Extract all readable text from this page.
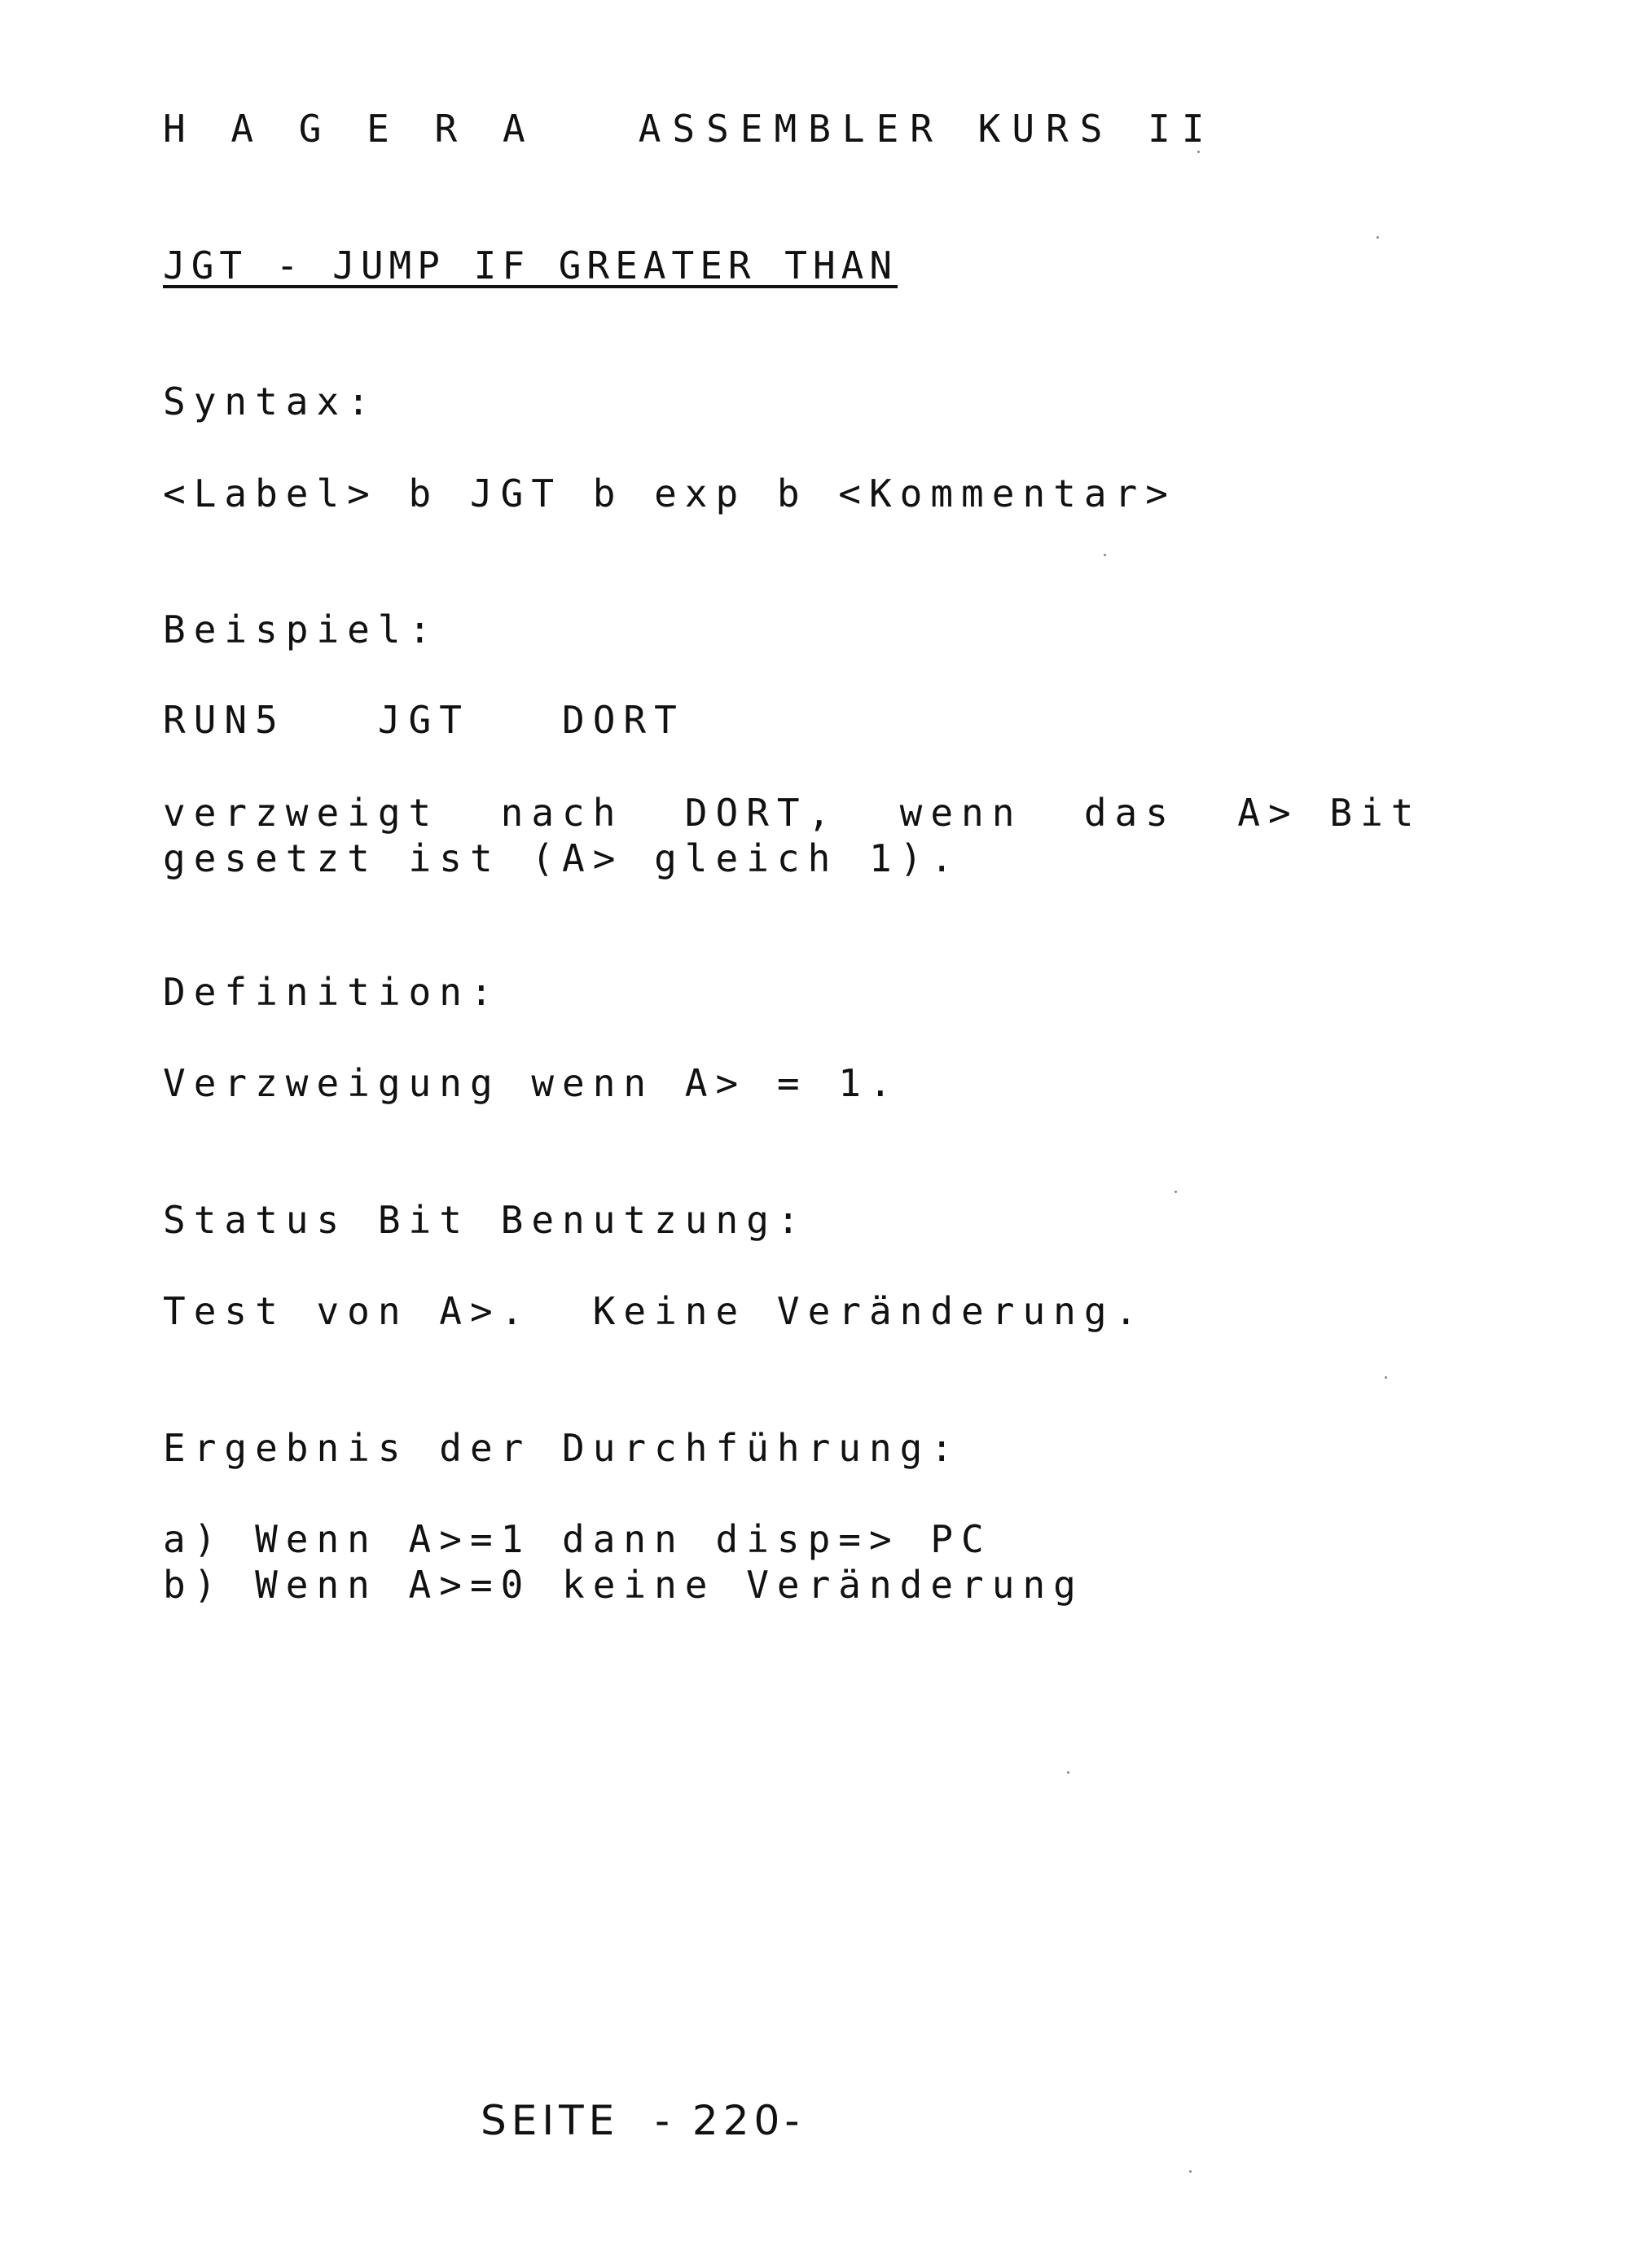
H A G E R A   ASSEMBLER KURS II
JGT - JUMP IF GREATER THAN
Syntax:
<Label> b JGT b exp b <Kommentar>
Beispiel:
RUN5   JGT   DORT
verzweigt  nach  DORT,  wenn  das  A> Bit
gesetzt ist (A> gleich 1).
Definition:
Verzweigung wenn A> = 1.
Status Bit Benutzung:
Test von A>.  Keine Veränderung.
Ergebnis der Durchführung:
a) Wenn A>=1 dann disp=> PC
b) Wenn A>=0 keine Veränderung
SEITE  - 220-
